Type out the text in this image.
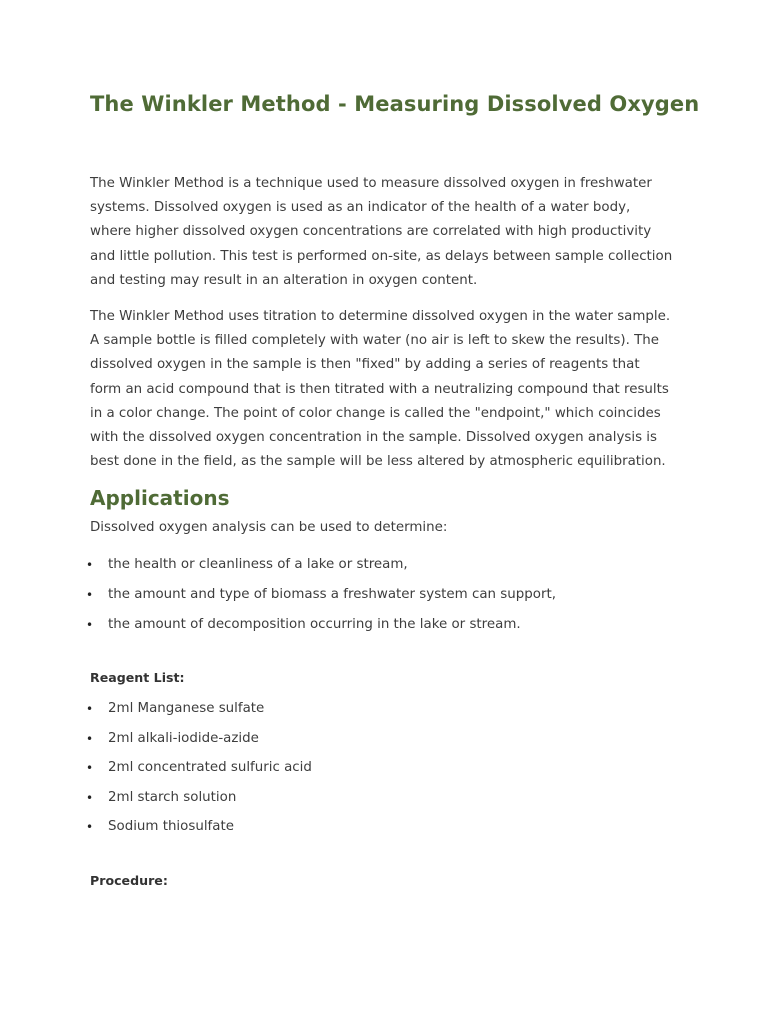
The Winkler Method - Measuring Dissolved Oxygen

The Winkler Method is a technique used to measure dissolved oxygen in freshwater systems. Dissolved oxygen is used as an indicator of the health of a water body, where higher dissolved oxygen concentrations are correlated with high productivity and little pollution. This test is performed on-site, as delays between sample collection and testing may result in an alteration in oxygen content.

The Winkler Method uses titration to determine dissolved oxygen in the water sample. A sample bottle is filled completely with water (no air is left to skew the results). The dissolved oxygen in the sample is then "fixed" by adding a series of reagents that form an acid compound that is then titrated with a neutralizing compound that results in a color change. The point of color change is called the "endpoint," which coincides with the dissolved oxygen concentration in the sample. Dissolved oxygen analysis is best done in the field, as the sample will be less altered by atmospheric equilibration.

Applications

Dissolved oxygen analysis can be used to determine:

• the health or cleanliness of a lake or stream,
• the amount and type of biomass a freshwater system can support,
• the amount of decomposition occurring in the lake or stream.

Reagent List:

• 2ml Manganese sulfate
• 2ml alkali-iodide-azide
• 2ml concentrated sulfuric acid
• 2ml starch solution
• Sodium thiosulfate

Procedure:
